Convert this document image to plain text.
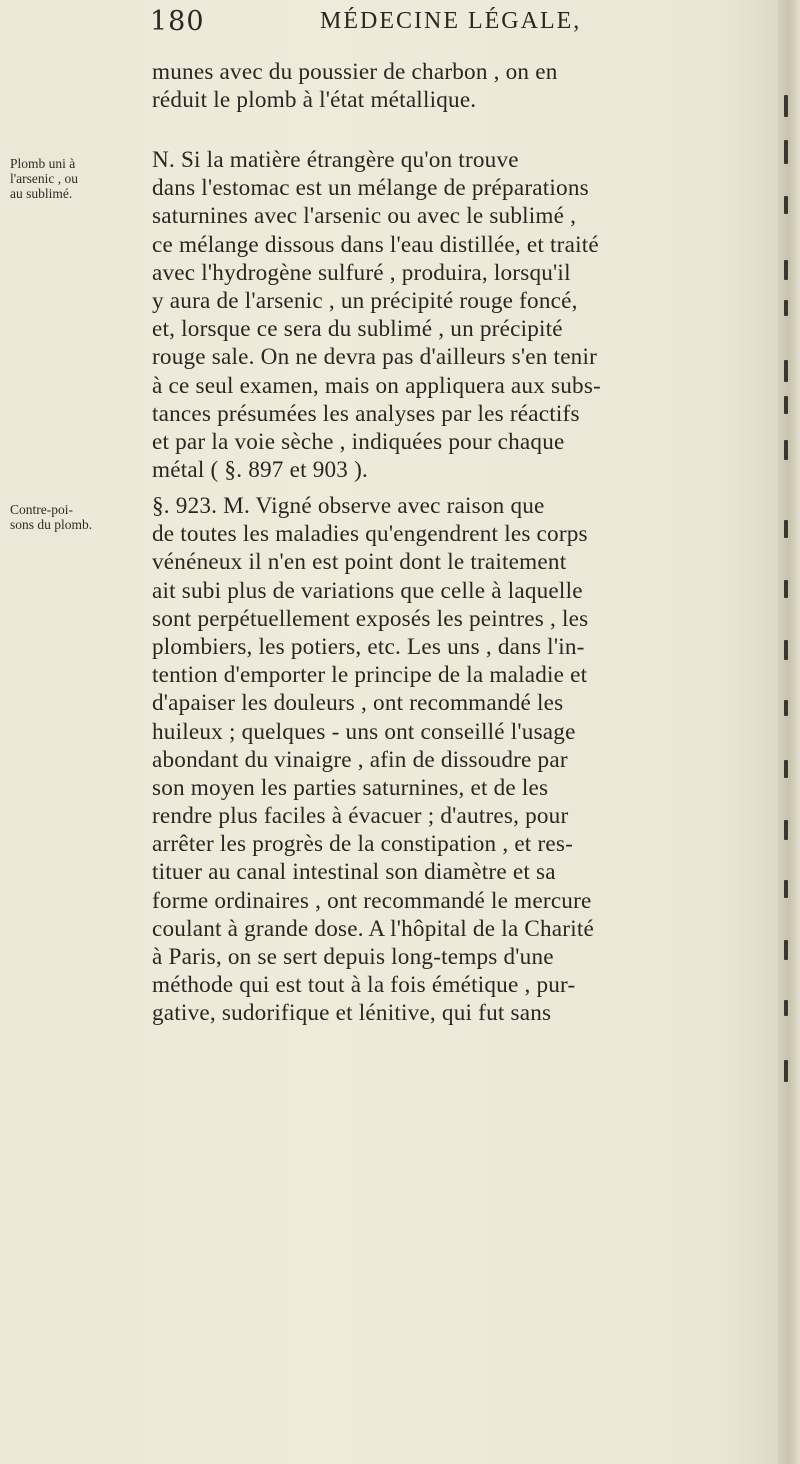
180	MÉDECINE LÉGALE,
munes avec du poussier de charbon , on en
réduit le plomb à l'état métallique.
Plomb uni à
l'arsenic , ou
au sublimé.
N. Si la matière étrangère qu'on trouve
dans l'estomac est un mélange de préparations
saturnines avec l'arsenic ou avec le sublimé ,
ce mélange dissous dans l'eau distillée, et traité
avec l'hydrogène sulfuré , produira, lorsqu'il
y aura de l'arsenic , un précipité rouge foncé,
et, lorsque ce sera du sublimé , un précipité
rouge sale. On ne devra pas d'ailleurs s'en tenir
à ce seul examen, mais on appliquera aux subs-
tances présumées les analyses par les réactifs
et par la voie sèche , indiquées pour chaque
métal ( §. 897 et 903 ).
Contre-poi-
sons du plomb.
§. 923. M. Vigné observe avec raison que
de toutes les maladies qu'engendrent les corps
vénéneux il n'en est point dont le traitement
ait subi plus de variations que celle à laquelle
sont perpétuellement exposés les peintres , les
plombiers, les potiers, etc. Les uns , dans l'in-
tention d'emporter le principe de la maladie et
d'apaiser les douleurs , ont recommandé les
huileux ; quelques - uns ont conseillé l'usage
abondant du vinaigre , afin de dissoudre par
son moyen les parties saturnines, et de les
rendre plus faciles à évacuer ; d'autres, pour
arrêter les progrès de la constipation , et res-
tituer au canal intestinal son diamètre et sa
forme ordinaires , ont recommandé le mercure
coulant à grande dose. A l'hôpital de la Charité
à Paris, on se sert depuis long-temps d'une
méthode qui est tout à la fois émétique , pur-
gative, sudorifique et lénitive, qui fut sans
